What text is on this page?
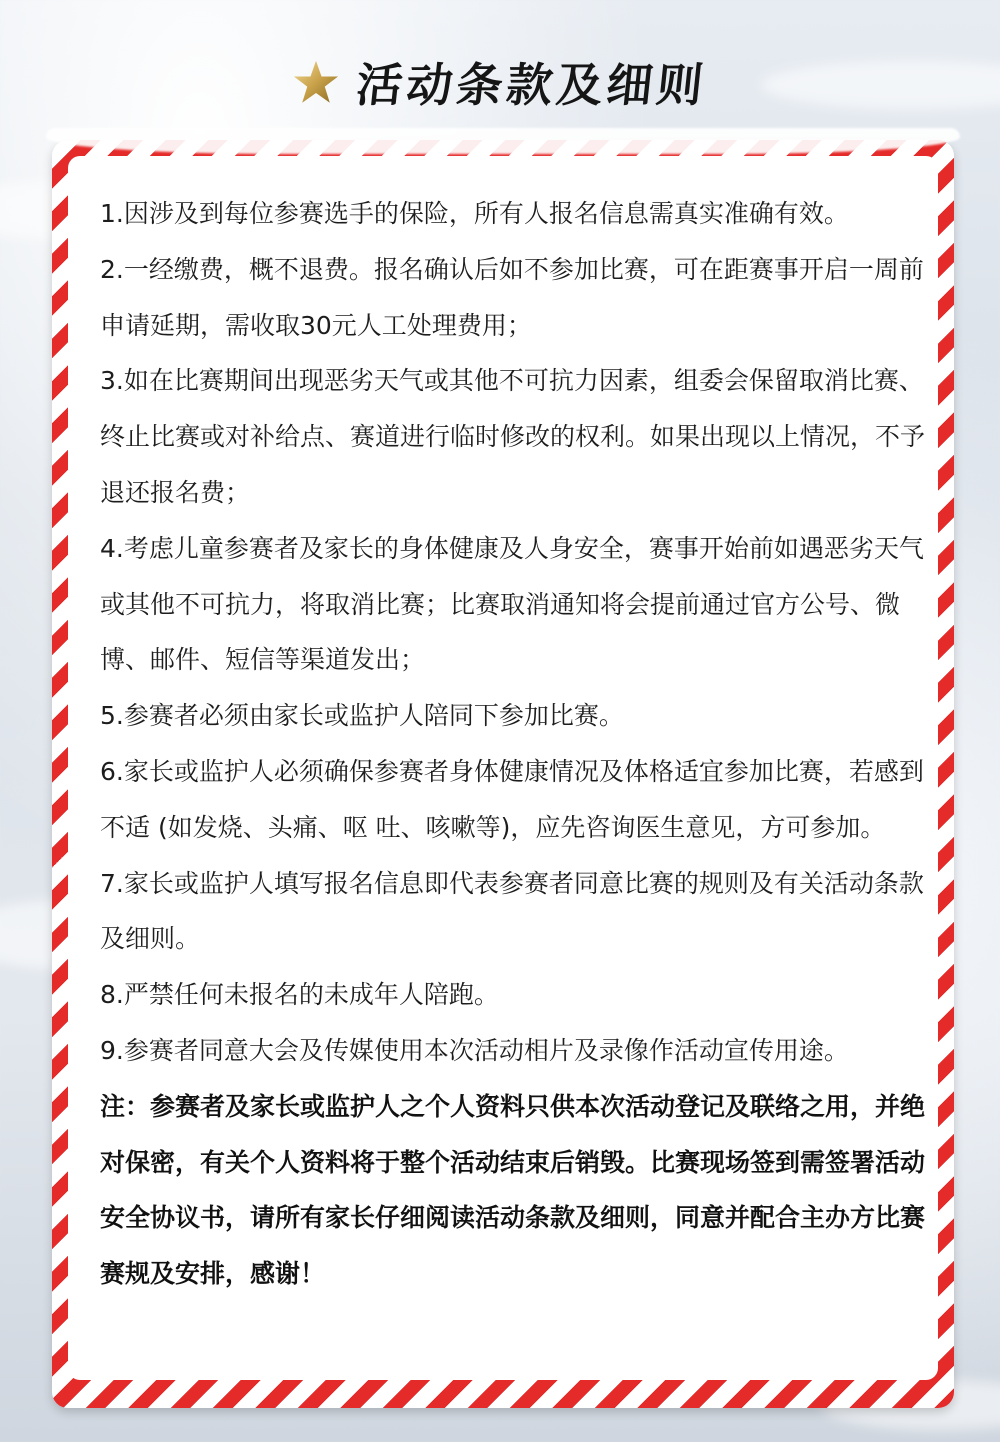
活动条款及细则

1.因涉及到每位参赛选手的保险，所有人报名信息需真实准确有效。

2.一经缴费，概不退费。报名确认后如不参加比赛，可在距赛事开启一周前申请延期，需收取30元人工处理费用；

3.如在比赛期间出现恶劣天气或其他不可抗力因素，组委会保留取消比赛、终止比赛或对补给点、赛道进行临时修改的权利。如果出现以上情况，不予退还报名费；

4.考虑儿童参赛者及家长的身体健康及人身安全，赛事开始前如遇恶劣天气或其他不可抗力，将取消比赛；比赛取消通知将会提前通过官方公号、微博、邮件、短信等渠道发出；

5.参赛者必须由家长或监护人陪同下参加比赛。

6.家长或监护人必须确保参赛者身体健康情况及体格适宜参加比赛，若感到不适 (如发烧、头痛、呕 吐、咳嗽等)，应先咨询医生意见，方可参加。

7.家长或监护人填写报名信息即代表参赛者同意比赛的规则及有关活动条款及细则。

8.严禁任何未报名的未成年人陪跑。

9.参赛者同意大会及传媒使用本次活动相片及录像作活动宣传用途。

注：参赛者及家长或监护人之个人资料只供本次活动登记及联络之用，并绝对保密，有关个人资料将于整个活动结束后销毁。比赛现场签到需签署活动安全协议书，请所有家长仔细阅读活动条款及细则，同意并配合主办方比赛赛规及安排，感谢！
